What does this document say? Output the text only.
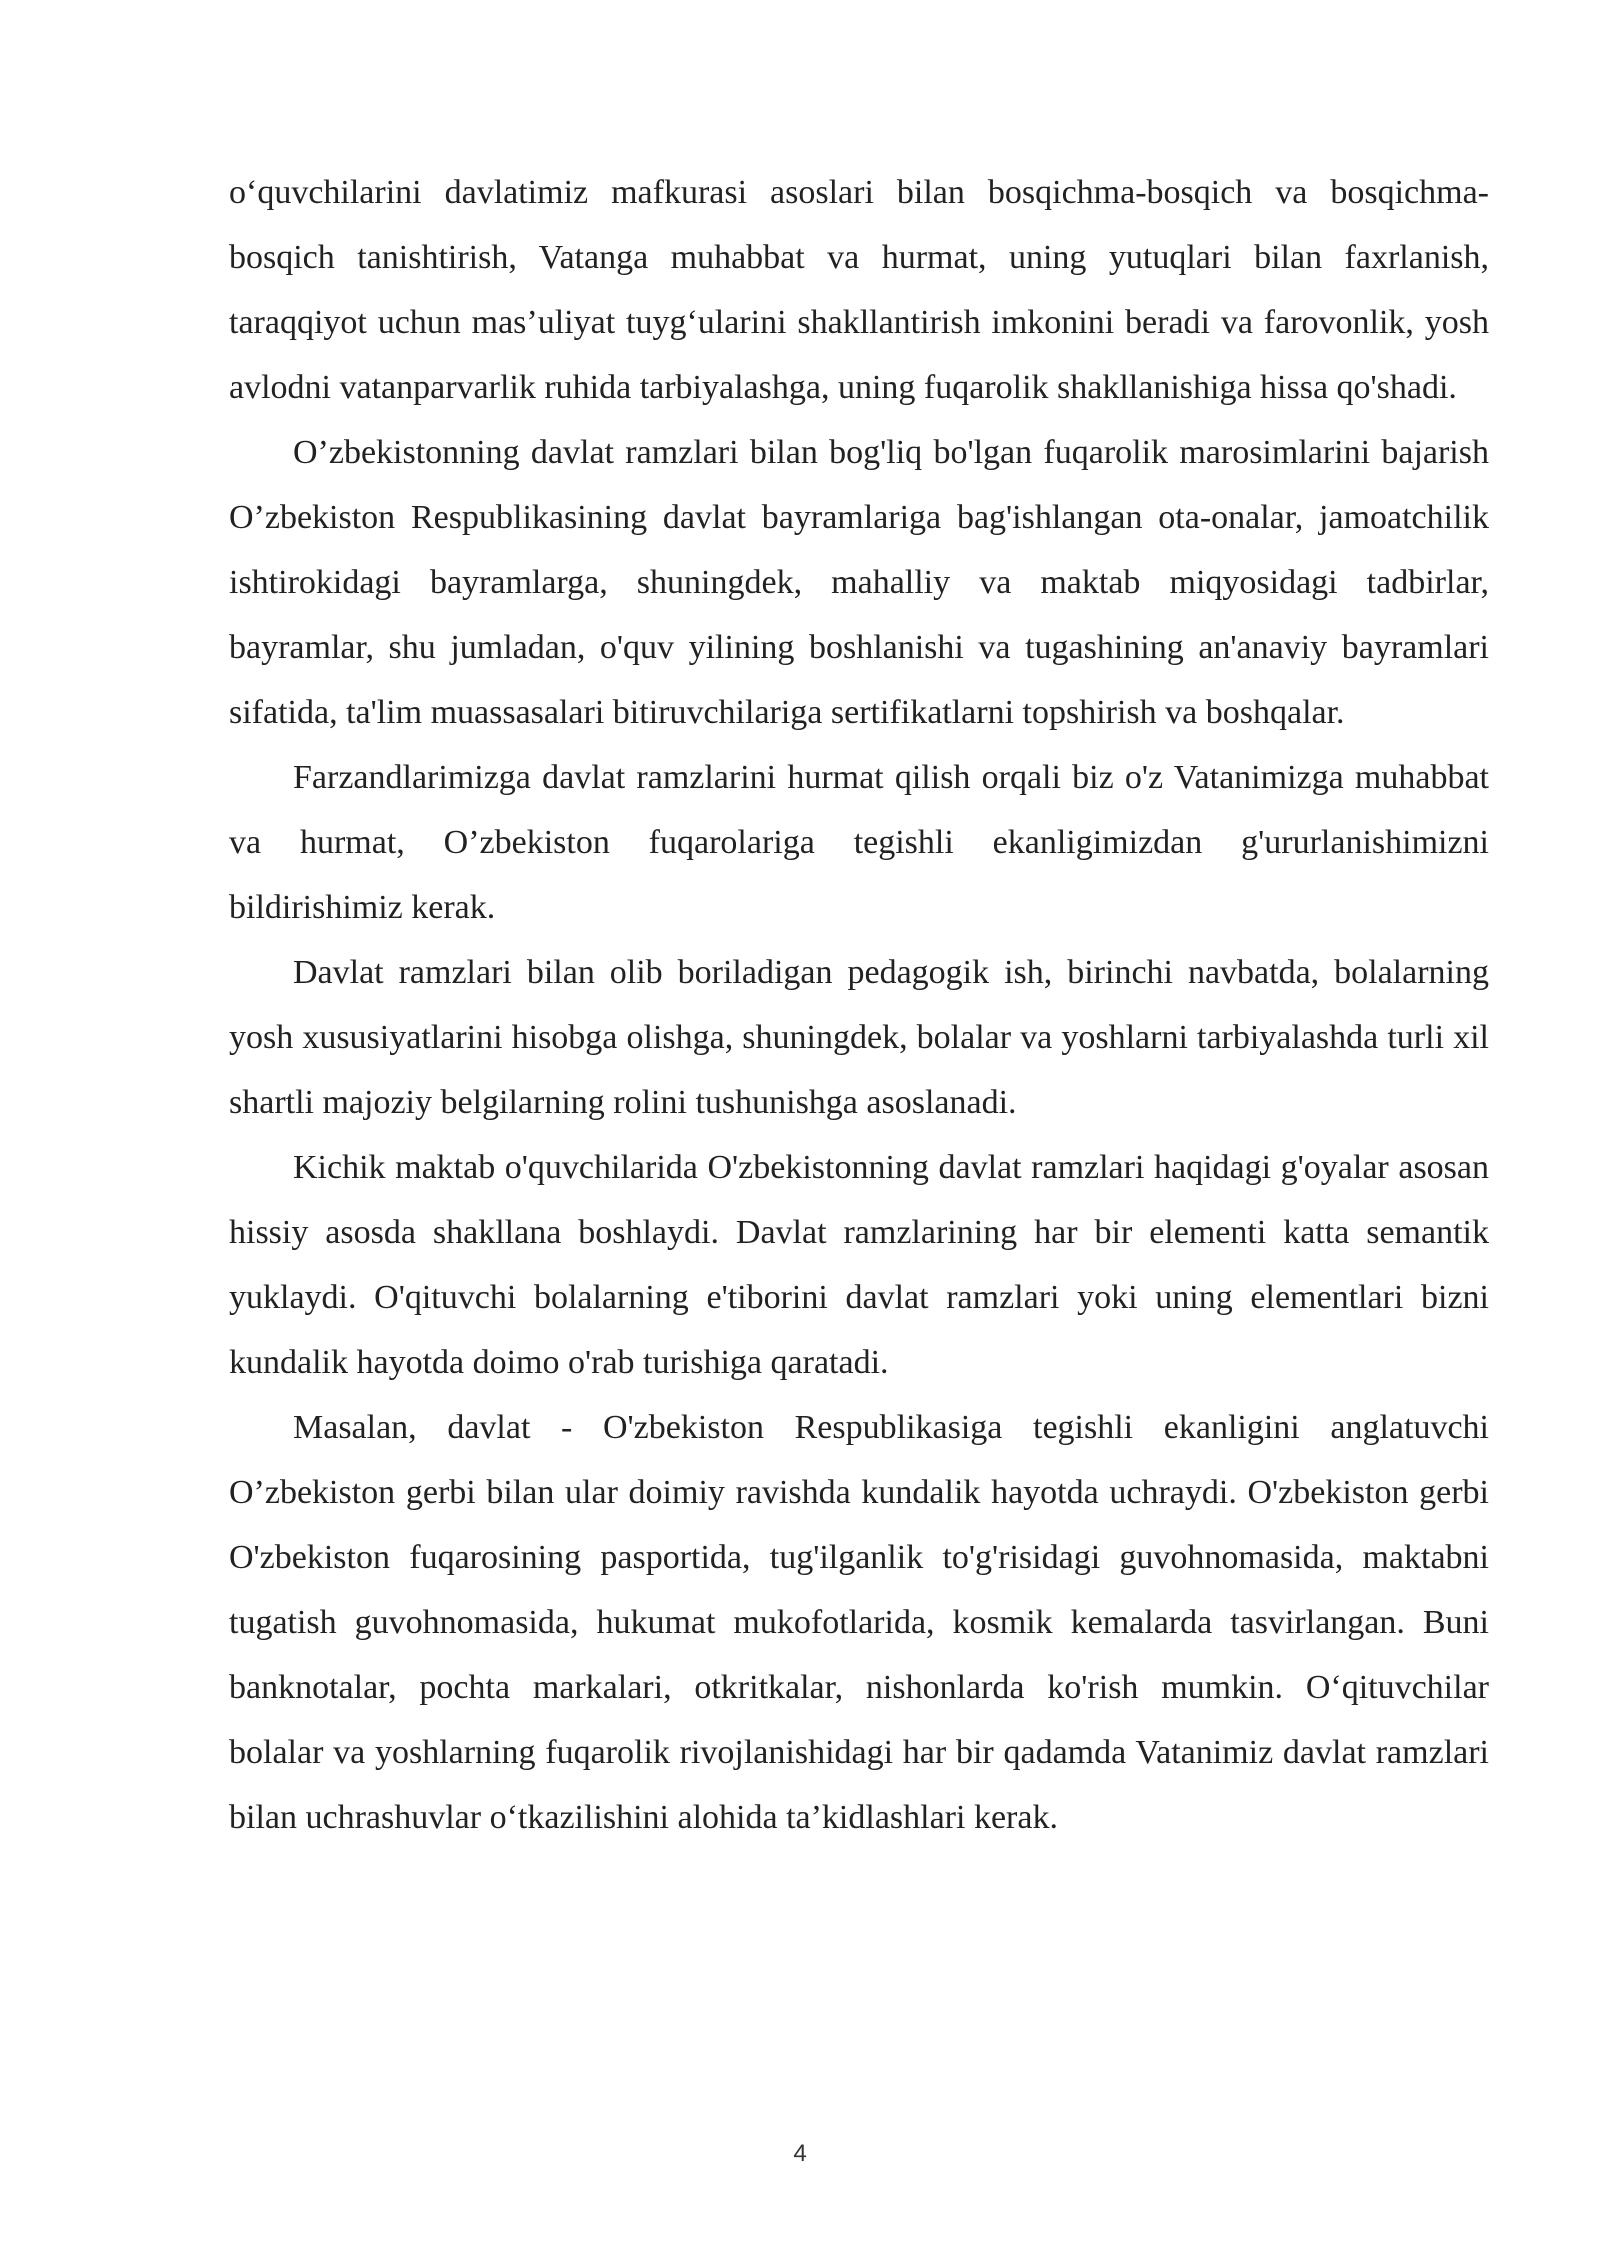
o‘quvchilarini davlatimiz mafkurasi asoslari bilan bosqichma-bosqich va bosqichma-bosqich tanishtirish, Vatanga muhabbat va hurmat, uning yutuqlari bilan faxrlanish, taraqqiyot uchun mas’uliyat tuyg‘ularini shakllantirish imkonini beradi va farovonlik, yosh avlodni vatanparvarlik ruhida tarbiyalashga, uning fuqarolik shakllanishiga hissa qo'shadi.

O’zbekistonning davlat ramzlari bilan bog'liq bo'lgan fuqarolik marosimlarini bajarish O’zbekiston Respublikasining davlat bayramlariga bag'ishlangan ota-onalar, jamoatchilik ishtirokidagi bayramlarga, shuningdek, mahalliy va maktab miqyosidagi tadbirlar, bayramlar, shu jumladan, o'quv yilining boshlanishi va tugashining an'anaviy bayramlari sifatida, ta'lim muassasalari bitiruvchilariga sertifikatlarni topshirish va boshqalar.

Farzandlarimizga davlat ramzlarini hurmat qilish orqali biz o'z Vatanimizga muhabbat va hurmat, O’zbekiston fuqarolariga tegishli ekanligimizdan g'ururlanishimizni bildirishimiz kerak.

Davlat ramzlari bilan olib boriladigan pedagogik ish, birinchi navbatda, bolalarning yosh xususiyatlarini hisobga olishga, shuningdek, bolalar va yoshlarni tarbiyalashda turli xil shartli majoziy belgilarning rolini tushunishga asoslanadi.

Kichik maktab o'quvchilarida O'zbekistonning davlat ramzlari haqidagi g'oyalar asosan hissiy asosda shakllana boshlaydi. Davlat ramzlarining har bir elementi katta semantik yuklaydi. O'qituvchi bolalarning e'tiborini davlat ramzlari yoki uning elementlari bizni kundalik hayotda doimo o'rab turishiga qaratadi.

Masalan, davlat - O'zbekiston Respublikasiga tegishli ekanligini anglatuvchi O’zbekiston gerbi bilan ular doimiy ravishda kundalik hayotda uchraydi. O'zbekiston gerbi O'zbekiston fuqarosining pasportida, tug'ilganlik to'g'risidagi guvohnomasida, maktabni tugatish guvohnomasida, hukumat mukofotlarida, kosmik kemalarda tasvirlangan. Buni banknotalar, pochta markalari, otkritkalar, nishonlarda ko'rish mumkin. O‘qituvchilar bolalar va yoshlarning fuqarolik rivojlanishidagi har bir qadamda Vatanimiz davlat ramzlari bilan uchrashuvlar o‘tkazilishini alohida ta’kidlashlari kerak.

4
